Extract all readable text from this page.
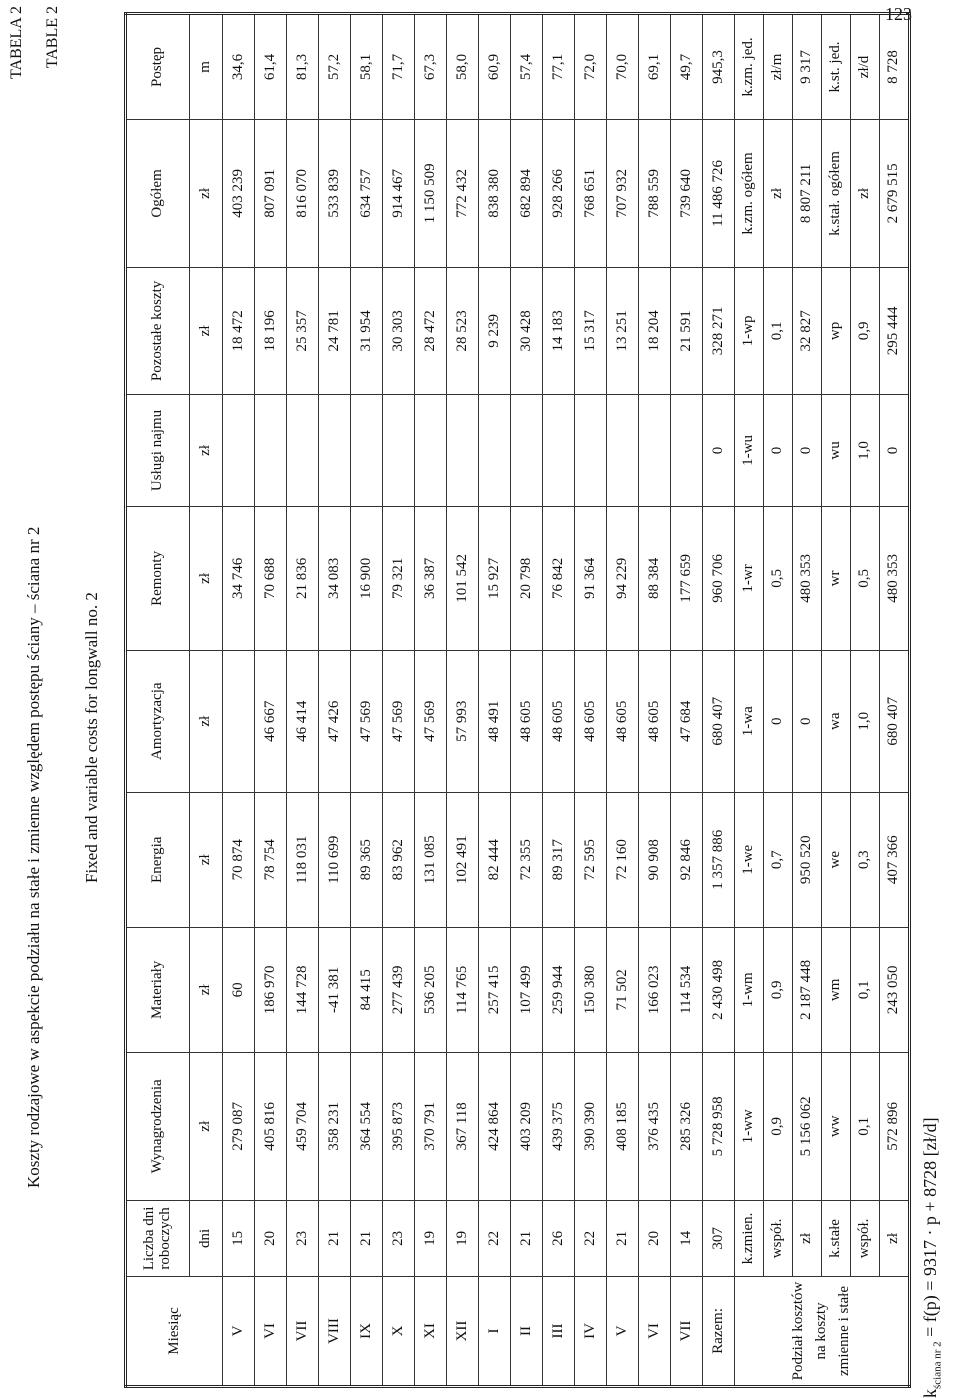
123
TABELA 2 TABLE 2
Koszty rodzajowe w aspekcie podziału na stałe i zmienne względem postępu ściany – ściana nr 2 Fixed and variable costs for longwall no. 2
Miesiąc	Liczba dni roboczych	Wynagrodzenia	Materiały	Energia	Amortyzacja	Remonty	Usługi najmu	Pozostałe koszty	Ogółem	Postęp
	dni	zł	zł	zł	zł	zł	zł	zł	zł	m
V	15	279 087	60	70 874		34 746		18 472	403 239	34,6
VI	20	405 816	186 970	78 754	46 667	70 688		18 196	807 091	61,4
VII	23	459 704	144 728	118 031	46 414	21 836		25 357	816 070	81,3
VIII	21	358 231	-41 381	110 699	47 426	34 083		24 781	533 839	57,2
IX	21	364 554	84 415	89 365	47 569	16 900		31 954	634 757	58,1
X	23	395 873	277 439	83 962	47 569	79 321		30 303	914 467	71,7
XI	19	370 791	536 205	131 085	47 569	36 387		28 472	1 150 509	67,3
XII	19	367 118	114 765	102 491	57 993	101 542		28 523	772 432	58,0
I	22	424 864	257 415	82 444	48 491	15 927		9 239	838 380	60,9
II	21	403 209	107 499	72 355	48 605	20 798		30 428	682 894	57,4
III	26	439 375	259 944	89 317	48 605	76 842		14 183	928 266	77,1
IV	22	390 390	150 380	72 595	48 605	91 364		15 317	768 651	72,0
V	21	408 185	71 502	72 160	48 605	94 229		13 251	707 932	70,0
VI	20	376 435	166 023	90 908	48 605	88 384		18 204	788 559	69,1
VII	14	285 326	114 534	92 846	47 684	177 659		21 591	739 640	49,7
Razem:	307	5 728 958	2 430 498	1 357 886	680 407	960 706	0	328 271	11 486 726	945,3
Podział kosztów na koszty zmienne i stałe	k.zmien.	1-ww	1-wm	1-we	1-wa	1-wr	1-wu	1-wp	k.zm. ogółem	k.zm. jed.
	współ.	0,9	0,9	0,7	0	0,5	0	0,1	zł	zł/m
	zł	5 156 062	2 187 448	950 520	0	480 353	0	32 827	8 807 211	9 317
	k.stałe	ww	wm	we	wa	wr	wu	wp	k.stał. ogółem	k.st. jed.
	współ.	0,1	0,1	0,3	1,0	0,5	1,0	0,9	zł	zł/d
	zł	572 896	243 050	407 366	680 407	480 353	0	295 444	2 679 515	8 728
$k_{ściana nr 2} = f(p) = 9317 \cdot p + 8728$ [zł/d]
